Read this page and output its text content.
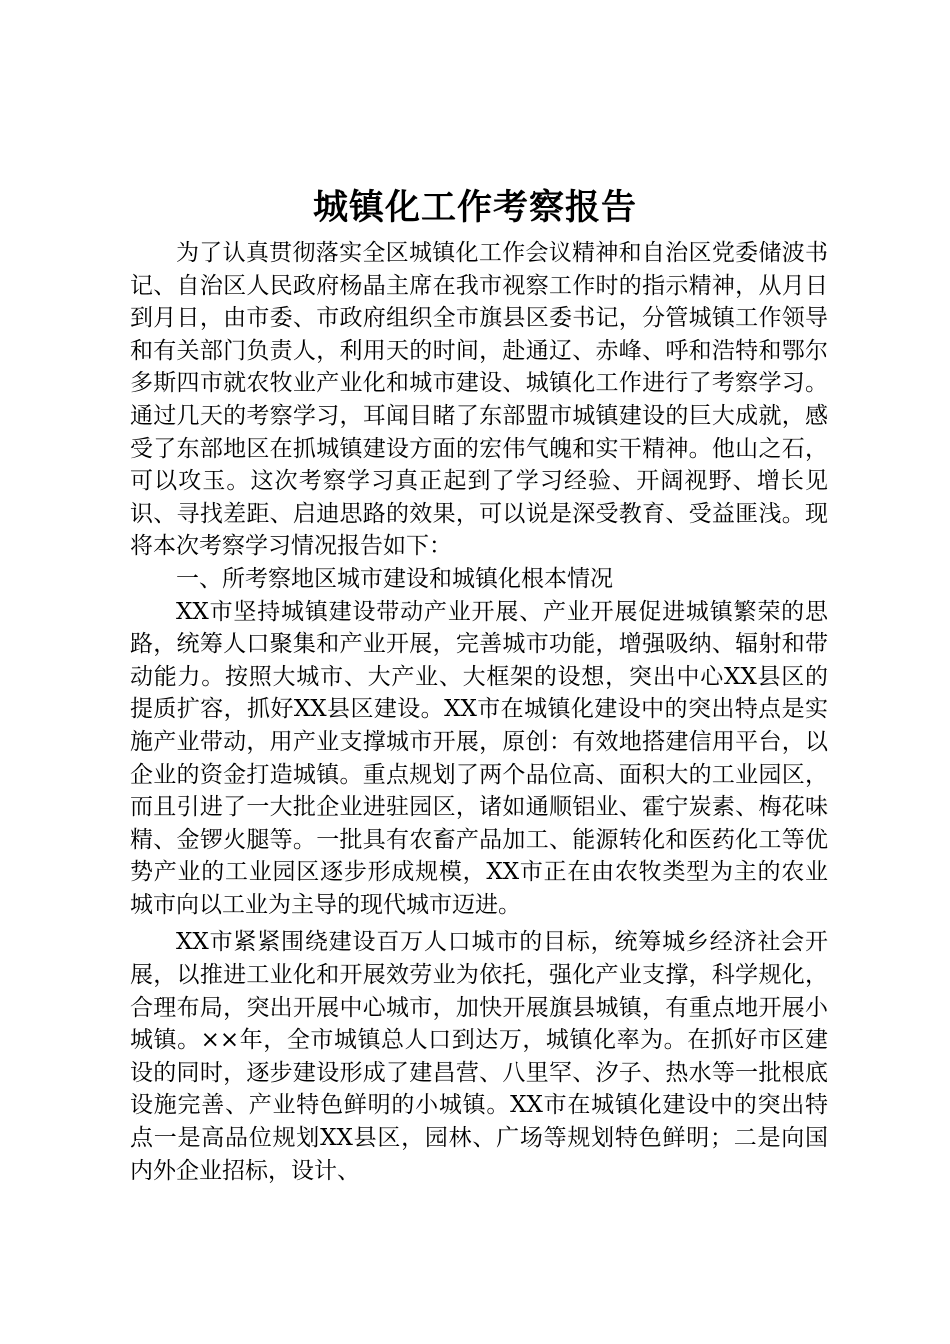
城镇化工作考察报告

为了认真贯彻落实全区城镇化工作会议精神和自治区党委储波书记、自治区人民政府杨晶主席在我市视察工作时的指示精神，从月日到月日，由市委、市政府组织全市旗县区委书记，分管城镇工作领导和有关部门负责人，利用天的时间，赴通辽、赤峰、呼和浩特和鄂尔多斯四市就农牧业产业化和城市建设、城镇化工作进行了考察学习。通过几天的考察学习，耳闻目睹了东部盟市城镇建设的巨大成就，感受了东部地区在抓城镇建设方面的宏伟气魄和实干精神。他山之石，可以攻玉。这次考察学习真正起到了学习经验、开阔视野、增长见识、寻找差距、启迪思路的效果，可以说是深受教育、受益匪浅。现将本次考察学习情况报告如下：

一、所考察地区城市建设和城镇化根本情况

XX市坚持城镇建设带动产业开展、产业开展促进城镇繁荣的思路，统筹人口聚集和产业开展，完善城市功能，增强吸纳、辐射和带动能力。按照大城市、大产业、大框架的设想，突出中心XX县区的提质扩容，抓好XX县区建设。XX市在城镇化建设中的突出特点是实施产业带动，用产业支撑城市开展，原创：有效地搭建信用平台，以企业的资金打造城镇。重点规划了两个品位高、面积大的工业园区，而且引进了一大批企业进驻园区，诸如通顺铝业、霍宁炭素、梅花味精、金锣火腿等。一批具有农畜产品加工、能源转化和医药化工等优势产业的工业园区逐步形成规模，XX市正在由农牧类型为主的农业城市向以工业为主导的现代城市迈进。

XX市紧紧围绕建设百万人口城市的目标，统筹城乡经济社会开展，以推进工业化和开展效劳业为依托，强化产业支撑，科学规化，合理布局，突出开展中心城市，加快开展旗县城镇，有重点地开展小城镇。××年，全市城镇总人口到达万，城镇化率为。在抓好市区建设的同时，逐步建设形成了建昌营、八里罕、汐子、热水等一批根底设施完善、产业特色鲜明的小城镇。XX市在城镇化建设中的突出特点一是高品位规划XX县区，园林、广场等规划特色鲜明；二是向国内外企业招标，设计、
